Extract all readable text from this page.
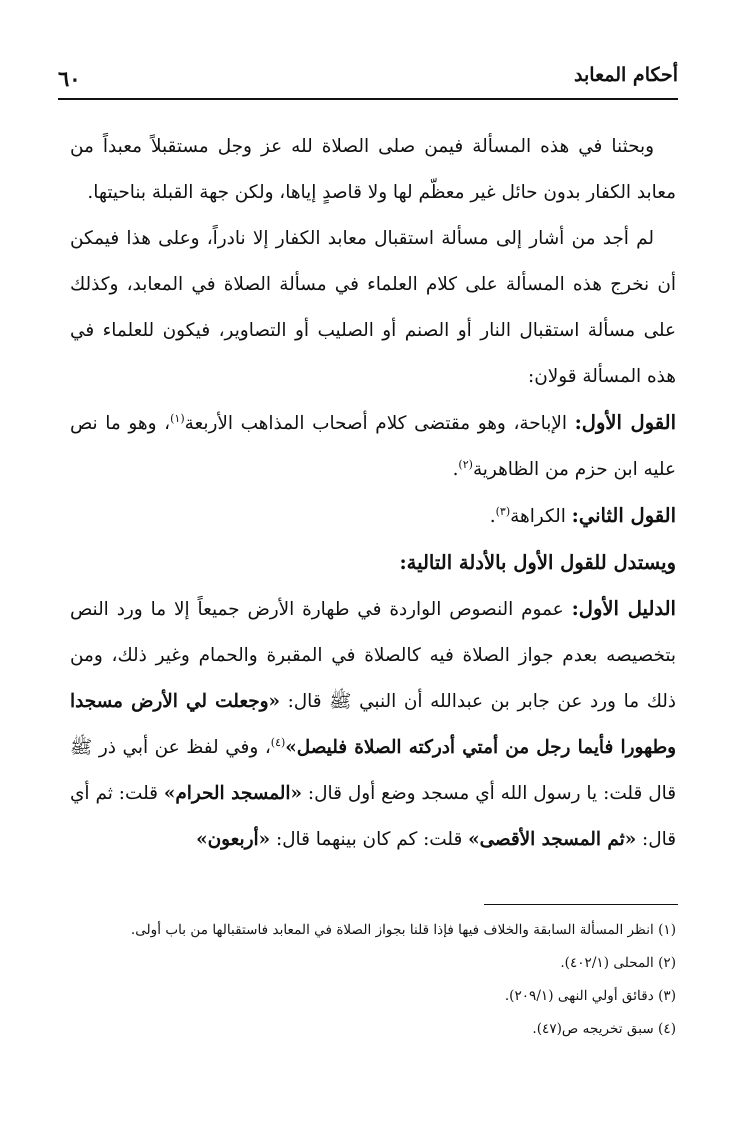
٦٠	أحكام المعابد

وبحثنا في هذه المسألة فيمن صلى الصلاة لله عز وجل مستقبلاً معبداً من معابد الكفار بدون حائل غير معظّم لها ولا قاصدٍ إياها، ولكن جهة القبلة بناحيتها.

لم أجد من أشار إلى مسألة استقبال معابد الكفار إلا نادراً، وعلى هذا فيمكن أن نخرج هذه المسألة على كلام العلماء في مسألة الصلاة في المعابد، وكذلك على مسألة استقبال النار أو الصنم أو الصليب أو التصاوير، فيكون للعلماء في هذه المسألة قولان:

القول الأول: الإباحة، وهو مقتضى كلام أصحاب المذاهب الأربعة$^{(١)}$، وهو ما نص عليه ابن حزم من الظاهرية$^{(٢)}$.

القول الثاني: الكراهة$^{(٣)}$.

ويستدل للقول الأول بالأدلة التالية:

الدليل الأول: عموم النصوص الواردة في طهارة الأرض جميعاً إلا ما ورد النص بتخصيصه بعدم جواز الصلاة فيه كالصلاة في المقبرة والحمام وغير ذلك، ومن ذلك ما ورد عن جابر بن عبدالله أن النبي ﷺ قال: «وجعلت لي الأرض مسجدا وطهورا فأيما رجل من أمتي أدركته الصلاة فليصل»$^{(٤)}$، وفي لفظ عن أبي ذر ﷺ قال قلت: يا رسول الله أي مسجد وضع أول قال: «المسجد الحرام» قلت: ثم أي قال: «ثم المسجد الأقصى» قلت: كم كان بينهما قال: «أربعون»

(١) انظر المسألة السابقة والخلاف فيها فإذا قلنا بجواز الصلاة في المعابد فاستقبالها من باب أولى.

(٢) المحلى (٤٠٢/١).

(٣) دقائق أولي النهى (٢٠٩/١).

(٤) سبق تخريجه ص(٤٧).
